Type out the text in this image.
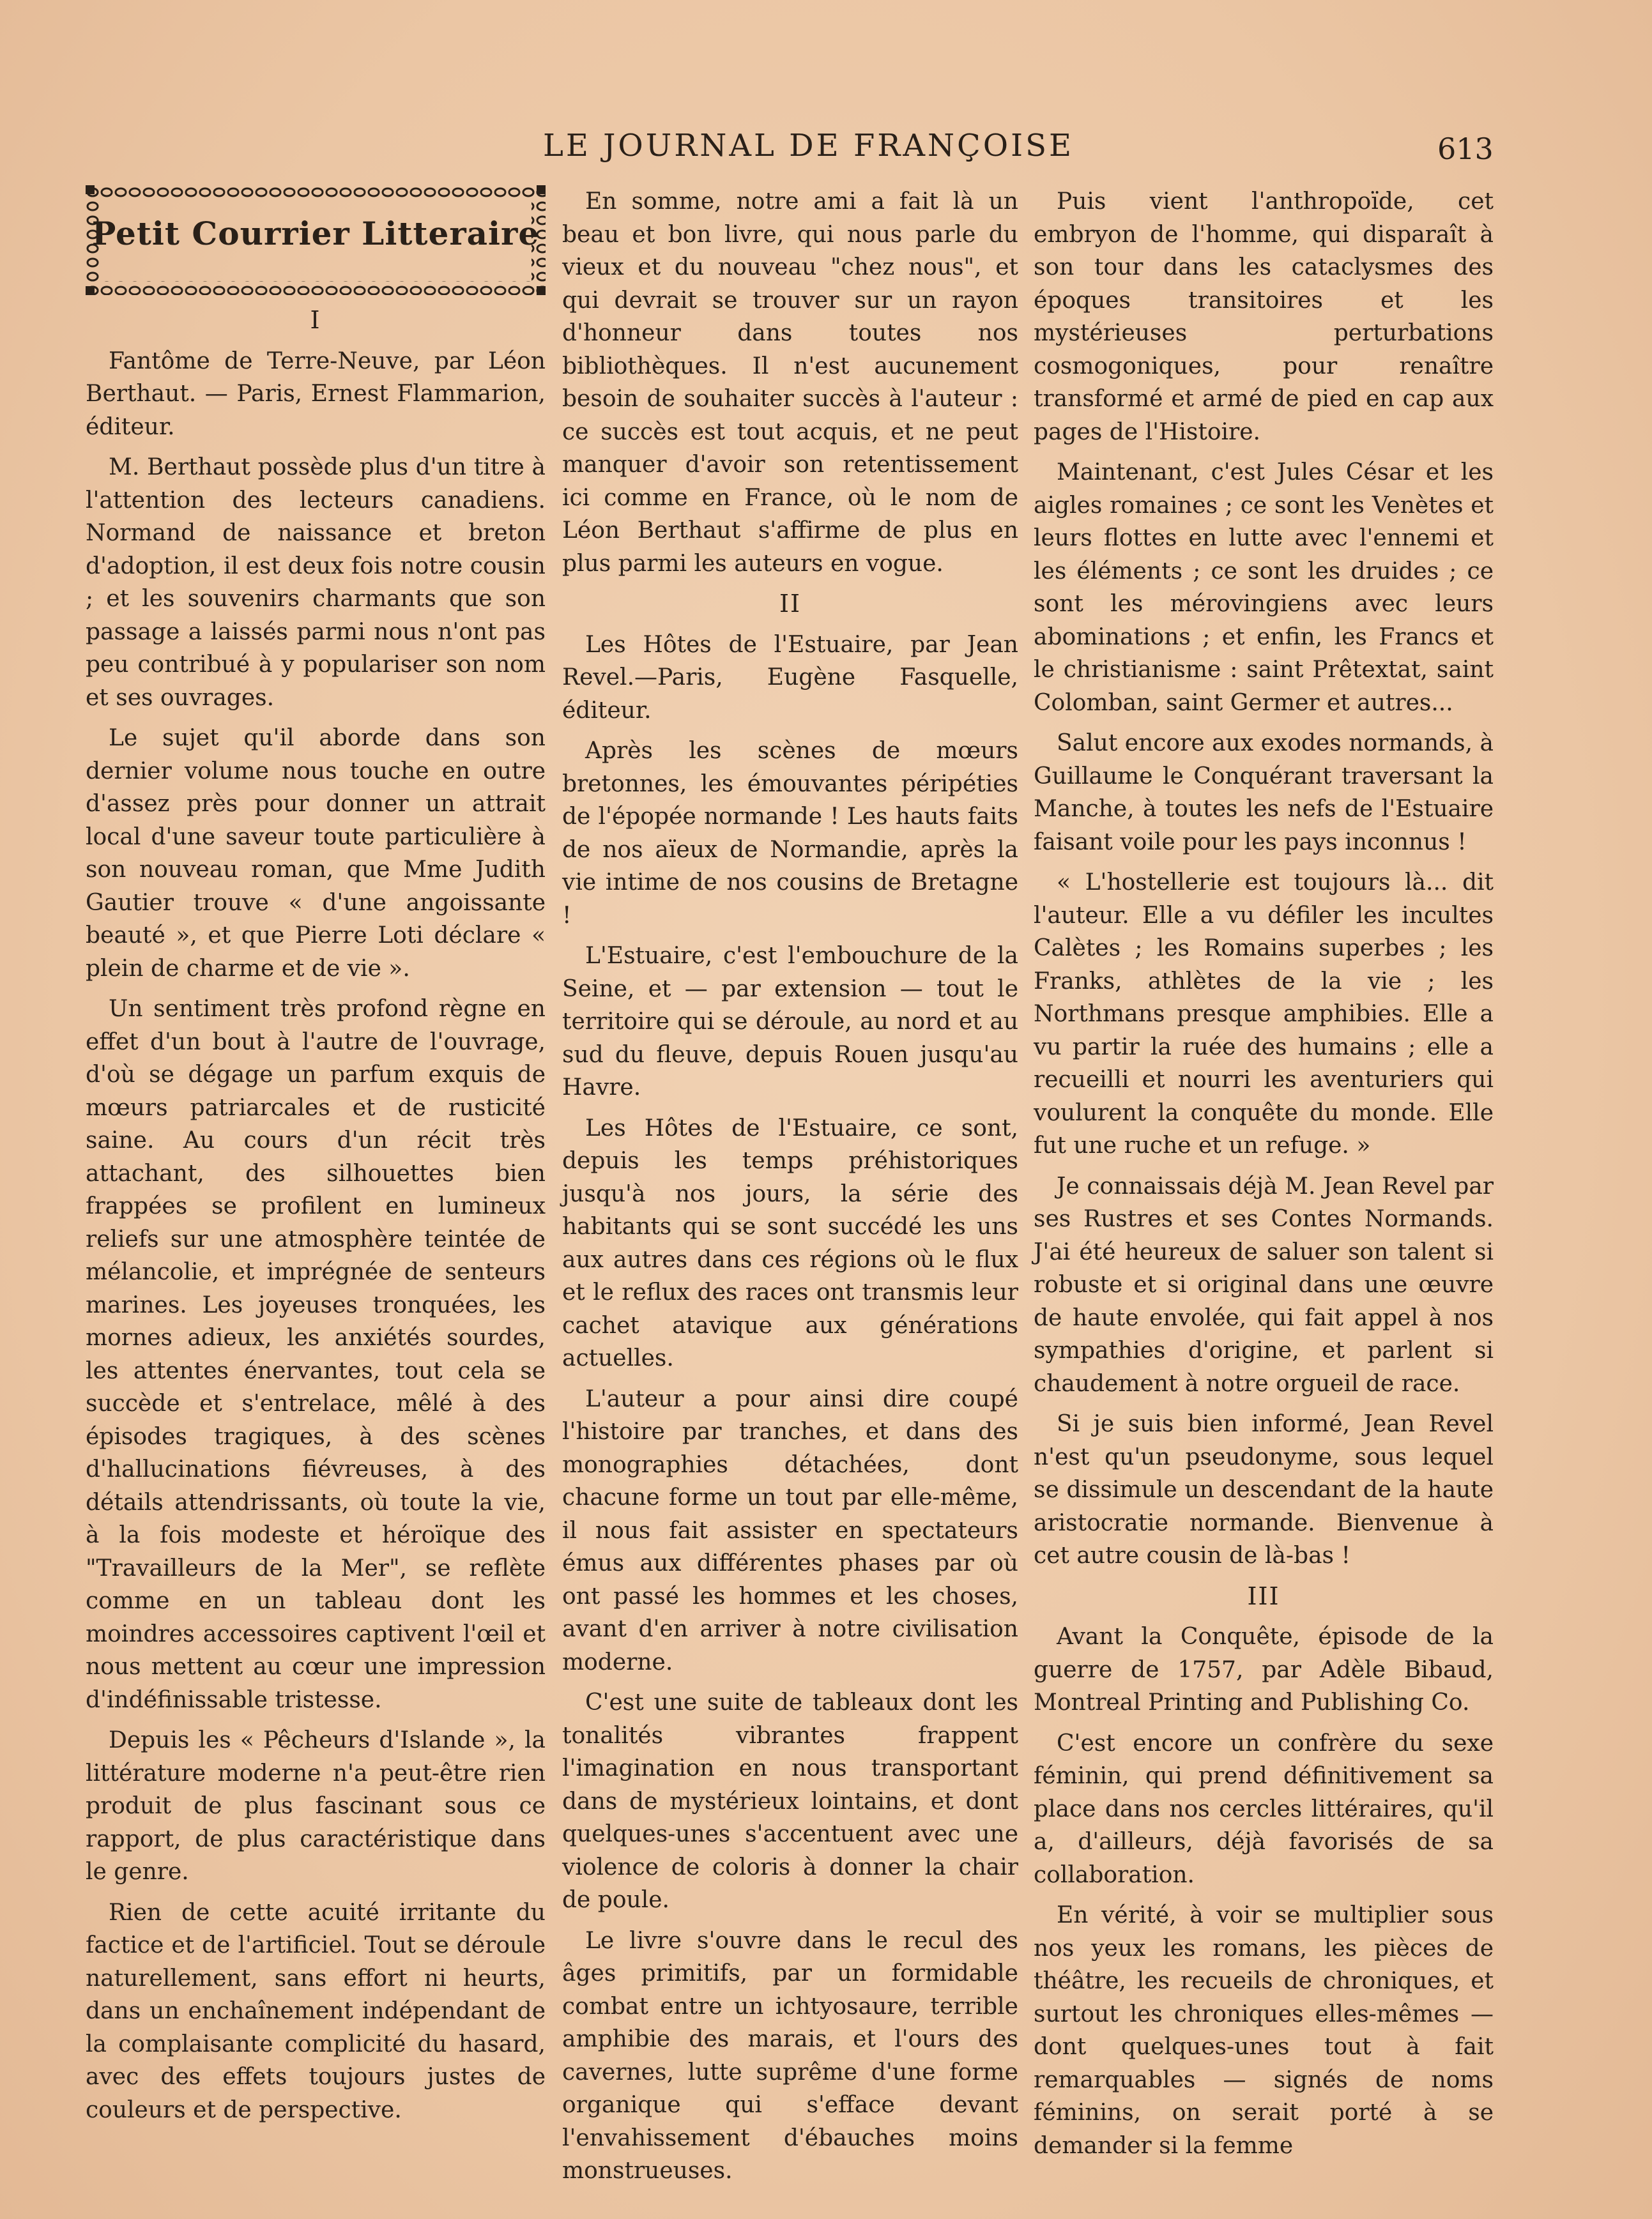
LE JOURNAL DE FRANÇOISE	613
Petit Courrier Litteraire
I

Fantôme de Terre-Neuve, par Léon Berthaut. — Paris, Ernest Flammarion, éditeur.

M. Berthaut possède plus d'un titre à l'attention des lecteurs canadiens. Normand de naissance et breton d'adoption, il est deux fois notre cousin ; et les souvenirs charmants que son passage a laissés parmi nous n'ont pas peu contribué à y populariser son nom et ses ouvrages.

Le sujet qu'il aborde dans son dernier volume nous touche en outre d'assez près pour donner un attrait local d'une saveur toute particulière à son nouveau roman, que Mme Judith Gautier trouve « d'une angoissante beauté », et que Pierre Loti déclare « plein de charme et de vie ».

Un sentiment très profond règne en effet d'un bout à l'autre de l'ouvrage, d'où se dégage un parfum exquis de mœurs patriarcales et de rusticité saine. Au cours d'un récit très attachant, des silhouettes bien frappées se profilent en lumineux reliefs sur une atmosphère teintée de mélancolie, et imprégnée de senteurs marines. Les joyeuses tronquées, les mornes adieux, les anxiétés sourdes, les attentes énervantes, tout cela se succède et s'entrelace, mêlé à des épisodes tragiques, à des scènes d'hallucinations fiévreuses, à des détails attendrissants, où toute la vie, à la fois modeste et héroïque des "Travailleurs de la Mer", se reflète comme en un tableau dont les moindres accessoires captivent l'œil et nous mettent au cœur une impression d'indéfinissable tristesse.

Depuis les « Pêcheurs d'Islande », la littérature moderne n'a peut-être rien produit de plus fascinant sous ce rapport, de plus caractéristique dans le genre.

Rien de cette acuité irritante du factice et de l'artificiel. Tout se déroule naturellement, sans effort ni heurts, dans un enchaînement indépendant de la complaisante complicité du hasard, avec des effets toujours justes de couleurs et de perspective.

En somme, notre ami a fait là un beau et bon livre, qui nous parle du vieux et du nouveau "chez nous", et qui devrait se trouver sur un rayon d'honneur dans toutes nos bibliothèques. Il n'est aucunement besoin de souhaiter succès à l'auteur : ce succès est tout acquis, et ne peut manquer d'avoir son retentissement ici comme en France, où le nom de Léon Berthaut s'affirme de plus en plus parmi les auteurs en vogue.

II

Les Hôtes de l'Estuaire, par Jean Revel.—Paris, Eugène Fasquelle, éditeur.

Après les scènes de mœurs bretonnes, les émouvantes péripéties de l'épopée normande ! Les hauts faits de nos aïeux de Normandie, après la vie intime de nos cousins de Bretagne !

L'Estuaire, c'est l'embouchure de la Seine, et — par extension — tout le territoire qui se déroule, au nord et au sud du fleuve, depuis Rouen jusqu'au Havre.

Les Hôtes de l'Estuaire, ce sont, depuis les temps préhistoriques jusqu'à nos jours, la série des habitants qui se sont succédé les uns aux autres dans ces régions où le flux et le reflux des races ont transmis leur cachet atavique aux générations actuelles.

L'auteur a pour ainsi dire coupé l'histoire par tranches, et dans des monographies détachées, dont chacune forme un tout par elle-même, il nous fait assister en spectateurs émus aux différentes phases par où ont passé les hommes et les choses, avant d'en arriver à notre civilisation moderne.

C'est une suite de tableaux dont les tonalités vibrantes frappent l'imagination en nous transportant dans de mystérieux lointains, et dont quelques-unes s'accentuent avec une violence de coloris à donner la chair de poule.

Le livre s'ouvre dans le recul des âges primitifs, par un formidable combat entre un ichtyosaure, terrible amphibie des marais, et l'ours des cavernes, lutte suprême d'une forme organique qui s'efface devant l'envahissement d'ébauches moins monstrueuses.

Puis vient l'anthropoïde, cet embryon de l'homme, qui disparaît à son tour dans les cataclysmes des époques transitoires et les mystérieuses perturbations cosmogoniques, pour renaître transformé et armé de pied en cap aux pages de l'Histoire.

Maintenant, c'est Jules César et les aigles romaines ; ce sont les Venètes et leurs flottes en lutte avec l'ennemi et les éléments ; ce sont les druides ; ce sont les mérovingiens avec leurs abominations ; et enfin, les Francs et le christianisme : saint Prêtextat, saint Colomban, saint Germer et autres...

Salut encore aux exodes normands, à Guillaume le Conquérant traversant la Manche, à toutes les nefs de l'Estuaire faisant voile pour les pays inconnus !

« L'hostellerie est toujours là... dit l'auteur. Elle a vu défiler les incultes Calètes ; les Romains superbes ; les Franks, athlètes de la vie ; les Northmans presque amphibies. Elle a vu partir la ruée des humains ; elle a recueilli et nourri les aventuriers qui voulurent la conquête du monde. Elle fut une ruche et un refuge. »

Je connaissais déjà M. Jean Revel par ses Rustres et ses Contes Normands. J'ai été heureux de saluer son talent si robuste et si original dans une œuvre de haute envolée, qui fait appel à nos sympathies d'origine, et parlent si chaudement à notre orgueil de race.

Si je suis bien informé, Jean Revel n'est qu'un pseudonyme, sous lequel se dissimule un descendant de la haute aristocratie normande. Bienvenue à cet autre cousin de là-bas !

III

Avant la Conquête, épisode de la guerre de 1757, par Adèle Bibaud, Montreal Printing and Publishing Co.

C'est encore un confrère du sexe féminin, qui prend définitivement sa place dans nos cercles littéraires, qu'il a, d'ailleurs, déjà favorisés de sa collaboration.

En vérité, à voir se multiplier sous nos yeux les romans, les pièces de théâtre, les recueils de chroniques, et surtout les chroniques elles-mêmes — dont quelques-unes tout à fait remarquables — signés de noms féminins, on serait porté à se demander si la femme
